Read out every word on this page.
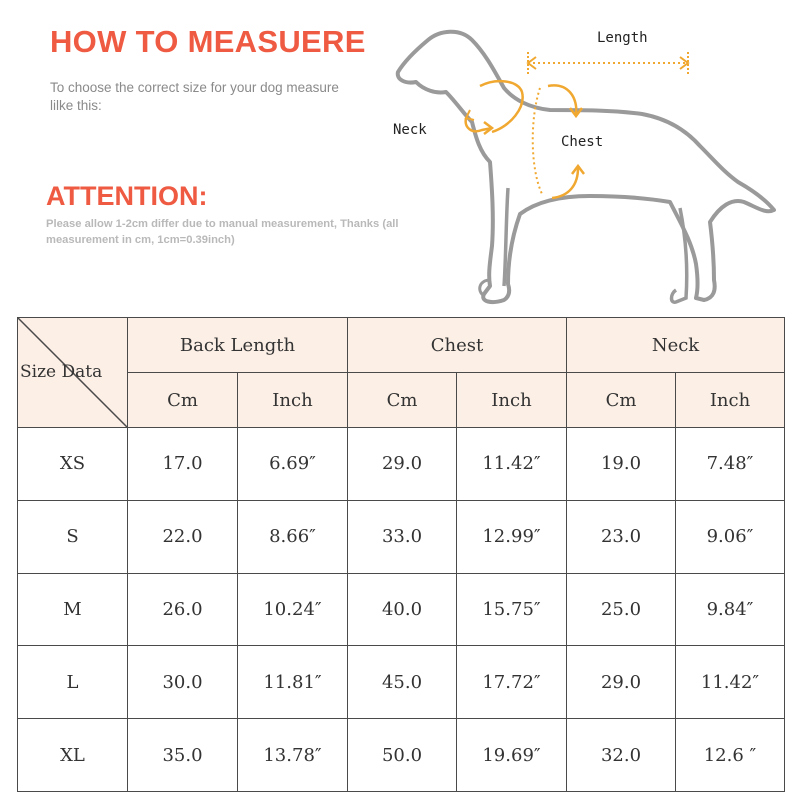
HOW TO MEASUERE
To choose the correct size for your dog measure lilke this:
ATTENTION:
Please allow 1-2cm differ due to manual measurement, Thanks (all measurement in cm, 1cm=0.39inch)
Length
Neck
Chest
Size Data	Back Length		Chest		Neck	
	Cm	Inch	Cm	Inch	Cm	Inch
XS	17.0	6.69″	29.0	11.42″	19.0	7.48″
S	22.0	8.66″	33.0	12.99″	23.0	9.06″
M	26.0	10.24″	40.0	15.75″	25.0	9.84″
L	30.0	11.81″	45.0	17.72″	29.0	11.42″
XL	35.0	13.78″	50.0	19.69″	32.0	12.6 ″
